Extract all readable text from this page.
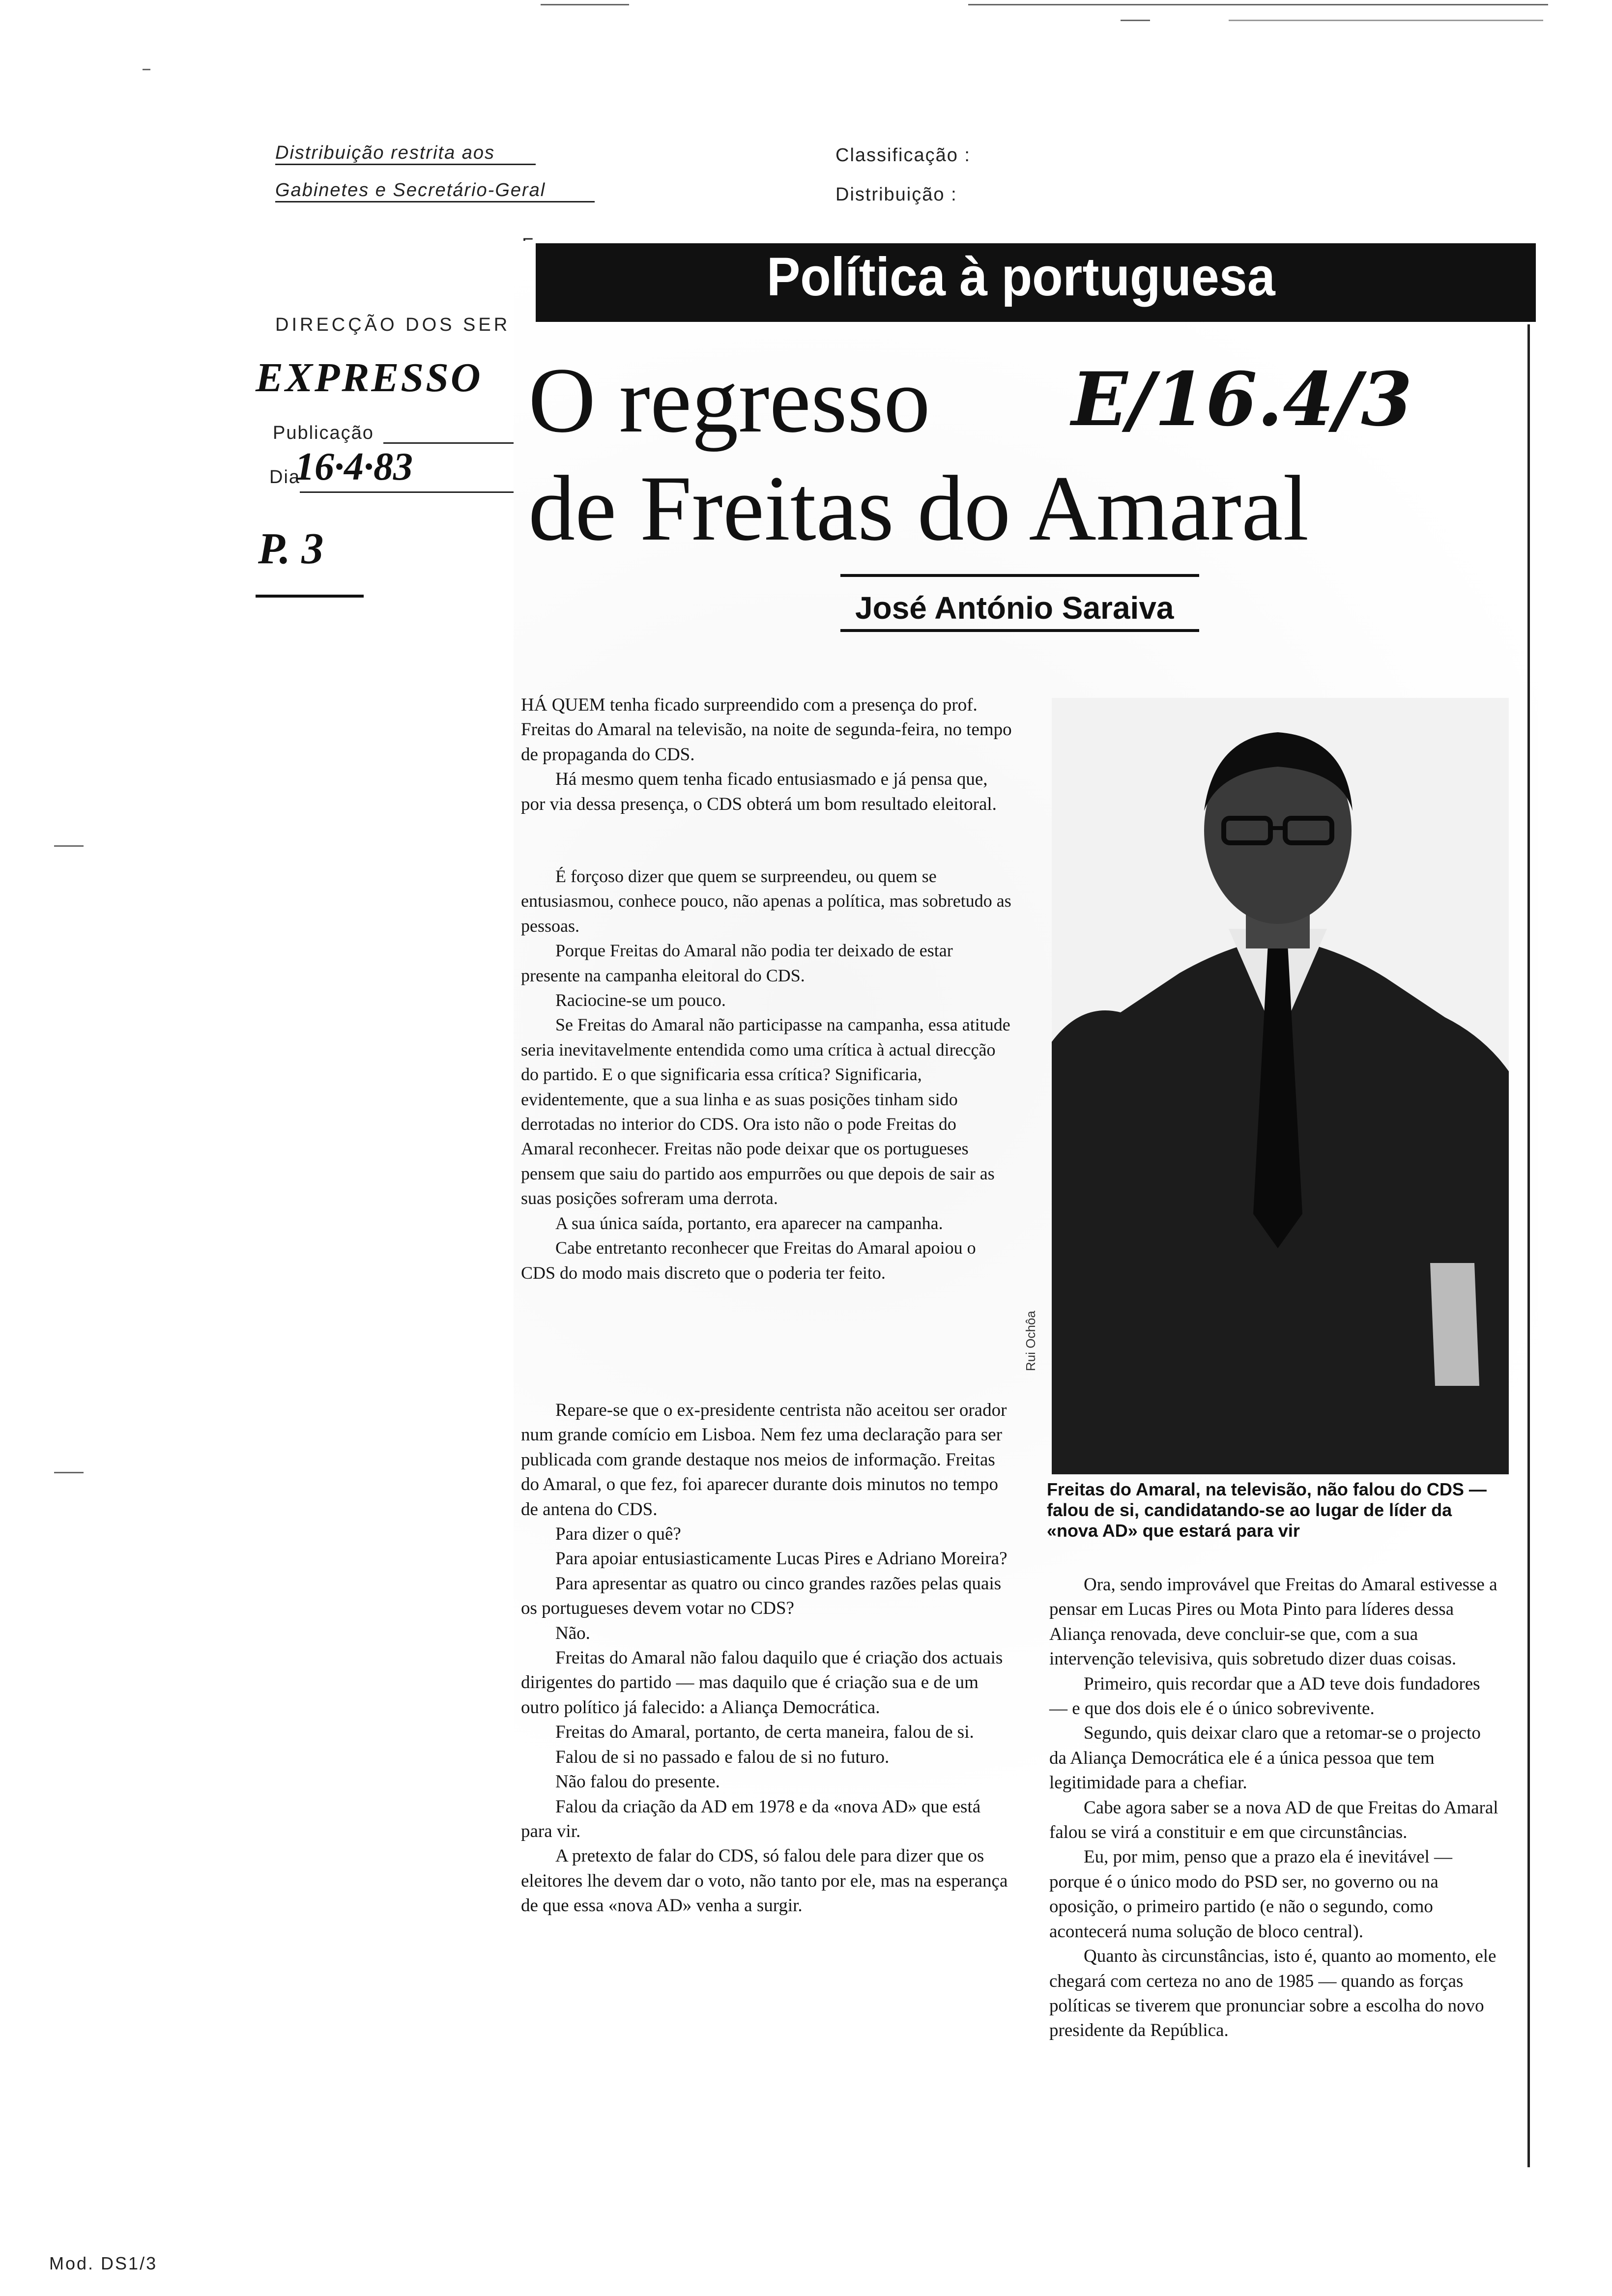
Distribuição restrita aos
Gabinetes e Secretário-Geral
Classificação :
Distribuição :
DIRECÇÃO DOS SER
EXPRESSO
Publicação
Dia
16·4·83
P. 3
Mod. DS1/3
Política à portuguesa
O regresso
de Freitas do Amaral
E/16.4/3
José António Saraiva
Rui Ochôa
Freitas do Amaral, na televisão, não falou do CDS — falou de si, candidatando-se ao lugar de líder da «nova AD» que estará para vir

HÁ QUEM tenha ficado surpreendido com a presença do prof. Freitas do Amaral na televisão, na noite de segunda-feira, no tempo de propaganda do CDS.

Há mesmo quem tenha ficado entusiasmado e já pensa que, por via dessa presença, o CDS obterá um bom resultado eleitoral.

É forçoso dizer que quem se surpreendeu, ou quem se entusiasmou, conhece pouco, não apenas a política, mas sobretudo as pessoas.

Porque Freitas do Amaral não podia ter deixado de estar presente na campanha eleitoral do CDS.

Raciocine-se um pouco.

Se Freitas do Amaral não participasse na campanha, essa atitude seria inevitavelmente entendida como uma crítica à actual direcção do partido. E o que significaria essa crítica? Significaria, evidentemente, que a sua linha e as suas posições tinham sido derrotadas no interior do CDS. Ora isto não o pode Freitas do Amaral reconhecer. Freitas não pode deixar que os portugueses pensem que saiu do partido aos empurrões ou que depois de sair as suas posições sofreram uma derrota.

A sua única saída, portanto, era aparecer na campanha.

Cabe entretanto reconhecer que Freitas do Amaral apoiou o CDS do modo mais discreto que o poderia ter feito.

Repare-se que o ex-presidente centrista não aceitou ser orador num grande comício em Lisboa. Nem fez uma declaração para ser publicada com grande destaque nos meios de informação. Freitas do Amaral, o que fez, foi aparecer durante dois minutos no tempo de antena do CDS.

Para dizer o quê?

Para apoiar entusiasticamente Lucas Pires e Adriano Moreira?

Para apresentar as quatro ou cinco grandes razões pelas quais os portugueses devem votar no CDS?

Não.

Freitas do Amaral não falou daquilo que é criação dos actuais dirigentes do partido — mas daquilo que é criação sua e de um outro político já falecido: a Aliança Democrática.

Freitas do Amaral, portanto, de certa maneira, falou de si.

Falou de si no passado e falou de si no futuro.

Não falou do presente.

Falou da criação da AD em 1978 e da «nova AD» que está para vir.

A pretexto de falar do CDS, só falou dele para dizer que os eleitores lhe devem dar o voto, não tanto por ele, mas na esperança de que essa «nova AD» venha a surgir.

Ora, sendo improvável que Freitas do Amaral estivesse a pensar em Lucas Pires ou Mota Pinto para líderes dessa Aliança renovada, deve concluir-se que, com a sua intervenção televisiva, quis sobretudo dizer duas coisas.

Primeiro, quis recordar que a AD teve dois fundadores — e que dos dois ele é o único sobrevivente.

Segundo, quis deixar claro que a retomar-se o projecto da Aliança Democrática ele é a única pessoa que tem legitimidade para a chefiar.

Cabe agora saber se a nova AD de que Freitas do Amaral falou se virá a constituir e em que circunstâncias.

Eu, por mim, penso que a prazo ela é inevitável — porque é o único modo do PSD ser, no governo ou na oposição, o primeiro partido (e não o segundo, como acontecerá numa solução de bloco central).

Quanto às circunstâncias, isto é, quanto ao momento, ele chegará com certeza no ano de 1985 — quando as forças políticas se tiverem que pronunciar sobre a escolha do novo presidente da República.
